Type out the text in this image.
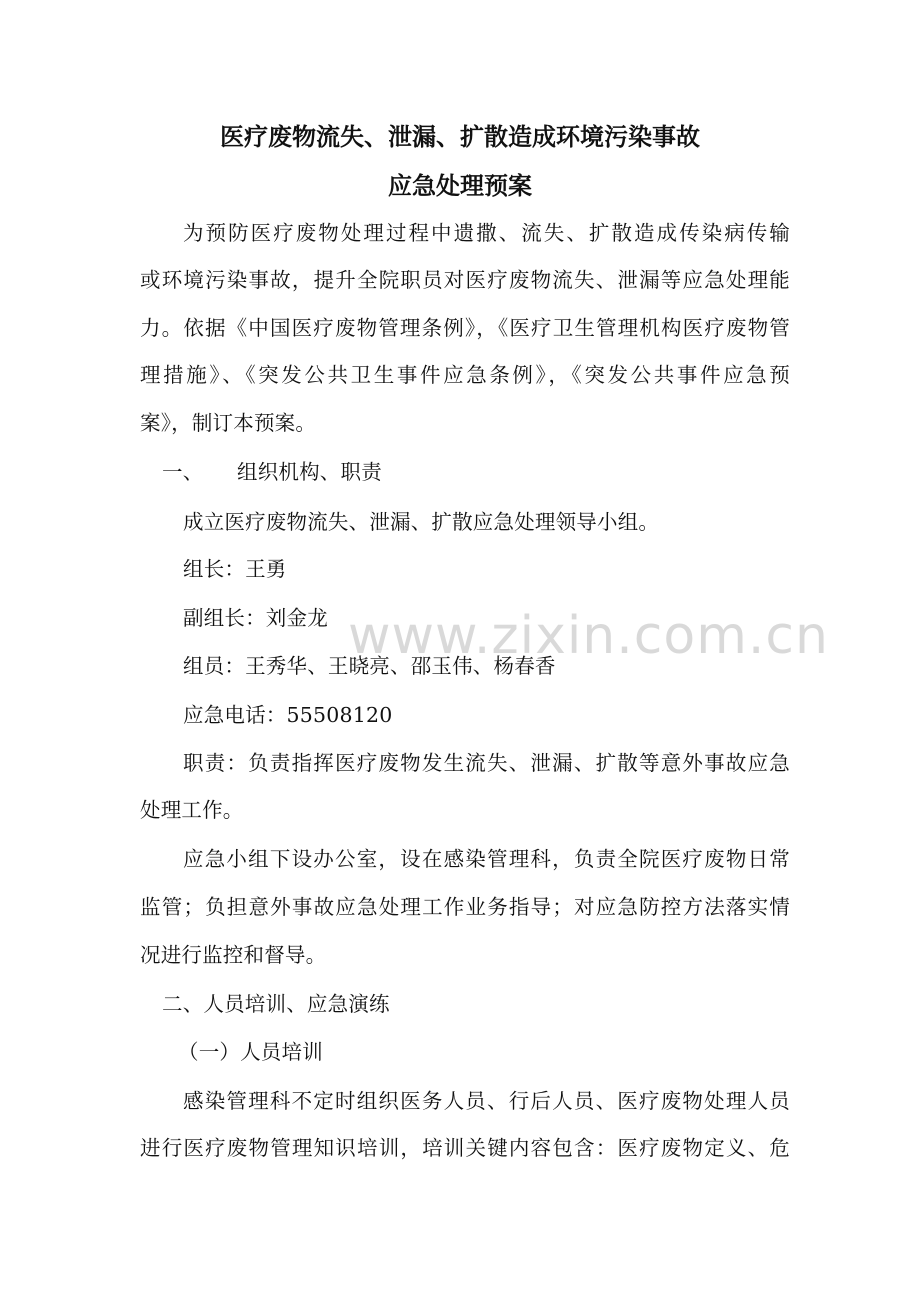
医疗废物流失、泄漏、扩散造成环境污染事故
应急处理预案
为预防医疗废物处理过程中遗撒、流失、扩散造成传染病传输
或环境污染事故，提升全院职员对医疗废物流失、泄漏等应急处理能
力。依据《中国医疗废物管理条例》，《医疗卫生管理机构医疗废物管
理措施》、《突发公共卫生事件应急条例》，《突发公共事件应急预
案》，制订本预案。
一、 组织机构、职责
成立医疗废物流失、泄漏、扩散应急处理领导小组。
组长：王勇
副组长：刘金龙
组员：王秀华、王晓亮、邵玉伟、杨春香
应急电话：55508120
职责：负责指挥医疗废物发生流失、泄漏、扩散等意外事故应急
处理工作。
应急小组下设办公室，设在感染管理科，负责全院医疗废物日常
监管；负担意外事故应急处理工作业务指导；对应急防控方法落实情
况进行监控和督导。
二、人员培训、应急演练
（一）人员培训
感染管理科不定时组织医务人员、行后人员、医疗废物处理人员
进行医疗废物管理知识培训，培训关键内容包含：医疗废物定义、危
www.zixin.com.cn
